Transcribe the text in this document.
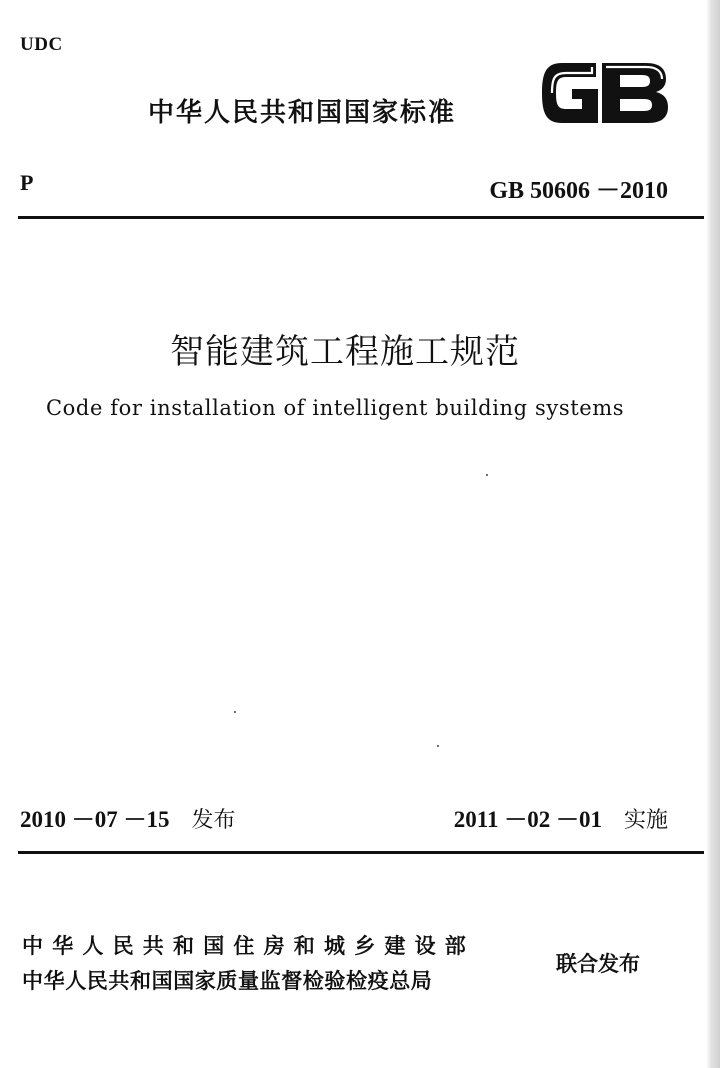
UDC
中华人民共和国国家标准
P	GB 50606 －2010
智能建筑工程施工规范
Code for installation of intelligent building systems
2010 －07 －15 发布	2011 －02 －01 实施
中华人民共和国住房和城乡建设部
中华人民共和国国家质量监督检验检疫总局
联合发布
